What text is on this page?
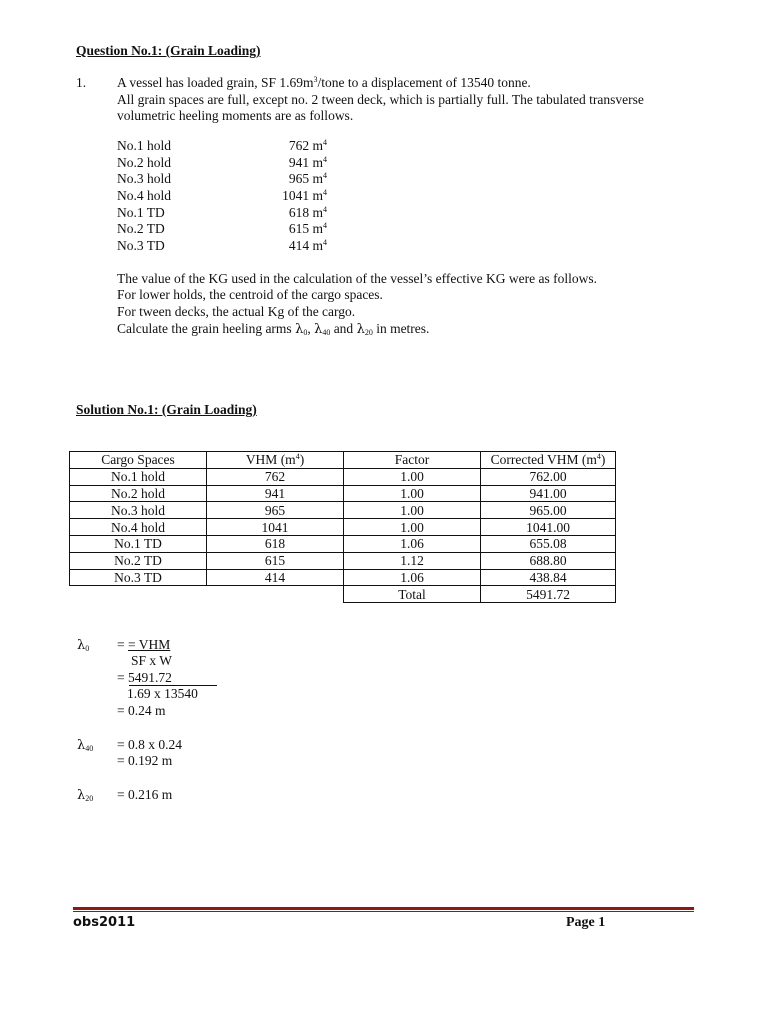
Question No.1: (Grain Loading)
1. A vessel has loaded grain, SF $1.69m^3$/tone to a displacement of 13540 tonne.
All grain spaces are full, except no. 2 tween deck, which is partially full. The tabulated transverse
volumetric heeling moments are as follows.
No.1 hold	762 $m^4$
No.2 hold	941 $m^4$
No.3 hold	965 $m^4$
No.4 hold	1041 $m^4$
No.1 TD	618 $m^4$
No.2 TD	615 $m^4$
No.3 TD	414 $m^4$
The value of the KG used in the calculation of the vessel’s effective KG were as follows.
For lower holds, the centroid of the cargo spaces.
For tween decks, the actual Kg of the cargo.
Calculate the grain heeling arms $\lambda_0$, $\lambda_{40}$ and $\lambda_{20}$ in metres.
Solution No.1: (Grain Loading)
Cargo Spaces	VHM $(m^4)$	Factor	Corrected VHM $(m^4)$
No.1 hold	762	1.00	762.00
No.2 hold	941	1.00	941.00
No.3 hold	965	1.00	965.00
No.4 hold	1041	1.00	1041.00
No.1 TD	618	1.06	655.08
No.2 TD	615	1.12	688.80
No.3 TD	414	1.06	438.84
		Total	5491.72
$\lambda_0$ = = VHM
SF x W
= 5491.72
1.69 x 13540
= 0.24 m
$\lambda_{40} = 0.8$ x 0.24
= 0.192 m
$\lambda_{20} = 0.216$ m
obs2011	Page 1
